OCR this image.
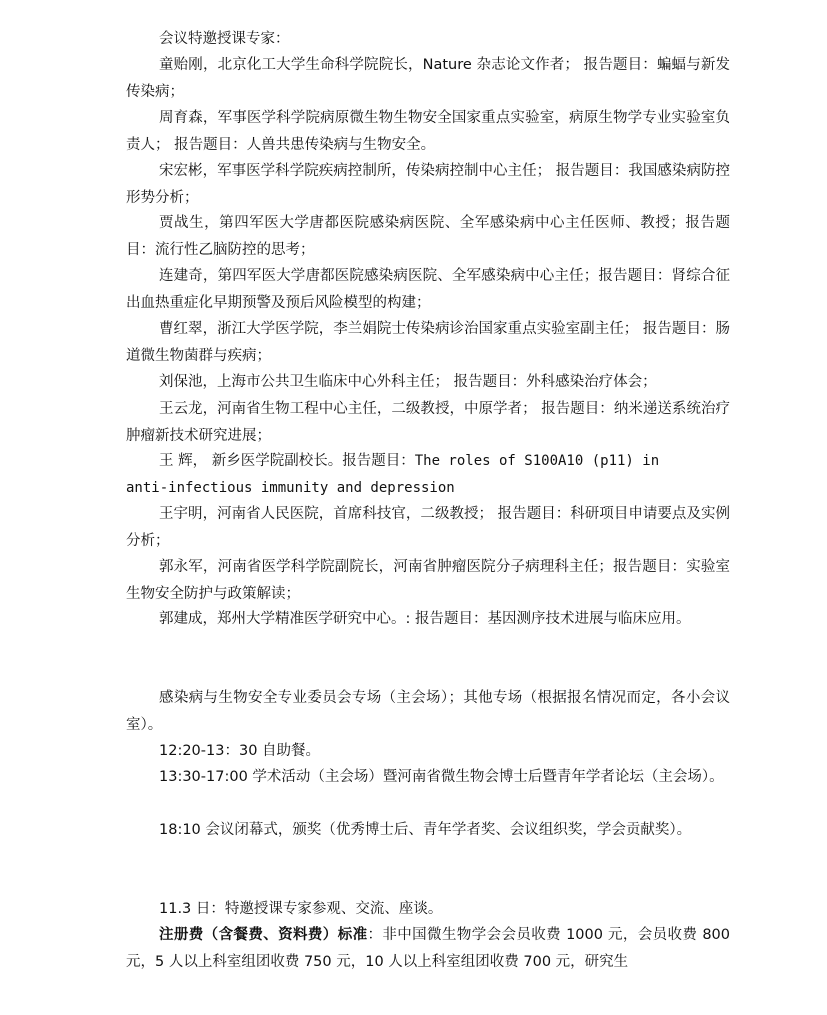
会议特邀授课专家：

童贻刚，北京化工大学生命科学院院长，Nature 杂志论文作者； 报告题目：蝙蝠与新发传染病；

周育森，军事医学科学院病原微生物生物安全国家重点实验室，病原生物学专业实验室负责人； 报告题目：人兽共患传染病与生物安全。

宋宏彬，军事医学科学院疾病控制所，传染病控制中心主任； 报告题目：我国感染病防控形势分析；

贾战生，第四军医大学唐都医院感染病医院、全军感染病中心主任医师、教授；报告题目：流行性乙脑防控的思考；

连建奇，第四军医大学唐都医院感染病医院、全军感染病中心主任；报告题目：肾综合征出血热重症化早期预警及预后风险模型的构建；

曹红翠，浙江大学医学院，李兰娟院士传染病诊治国家重点实验室副主任； 报告题目：肠道微生物菌群与疾病；

刘保池，上海市公共卫生临床中心外科主任； 报告题目：外科感染治疗体会；

王云龙，河南省生物工程中心主任，二级教授，中原学者； 报告题目：纳米递送系统治疗肿瘤新技术研究进展；

王 辉， 新乡医学院副校长。报告题目：The roles of S100A10 (p11) in
anti-infectious immunity and depression

王宇明，河南省人民医院，首席科技官，二级教授； 报告题目：科研项目申请要点及实例分析；

郭永军，河南省医学科学院副院长，河南省肿瘤医院分子病理科主任；报告题目：实验室生物安全防护与政策解读；

郭建成，郑州大学精准医学研究中心。: 报告题目：基因测序技术进展与临床应用。

感染病与生物安全专业委员会专场（主会场）；其他专场（根据报名情况而定，各小会议室）。

12:20-13：30 自助餐。

13:30-17:00 学术活动（主会场）暨河南省微生物会博士后暨青年学者论坛（主会场）。

18:10 会议闭幕式，颁奖（优秀博士后、青年学者奖、会议组织奖，学会贡献奖）。

11.3 日：特邀授课专家参观、交流、座谈。

注册费（含餐费、资料费）标准：非中国微生物学会会员收费 1000 元，会员收费 800 元，5 人以上科室组团收费 750 元，10 人以上科室组团收费 700 元，研究生
